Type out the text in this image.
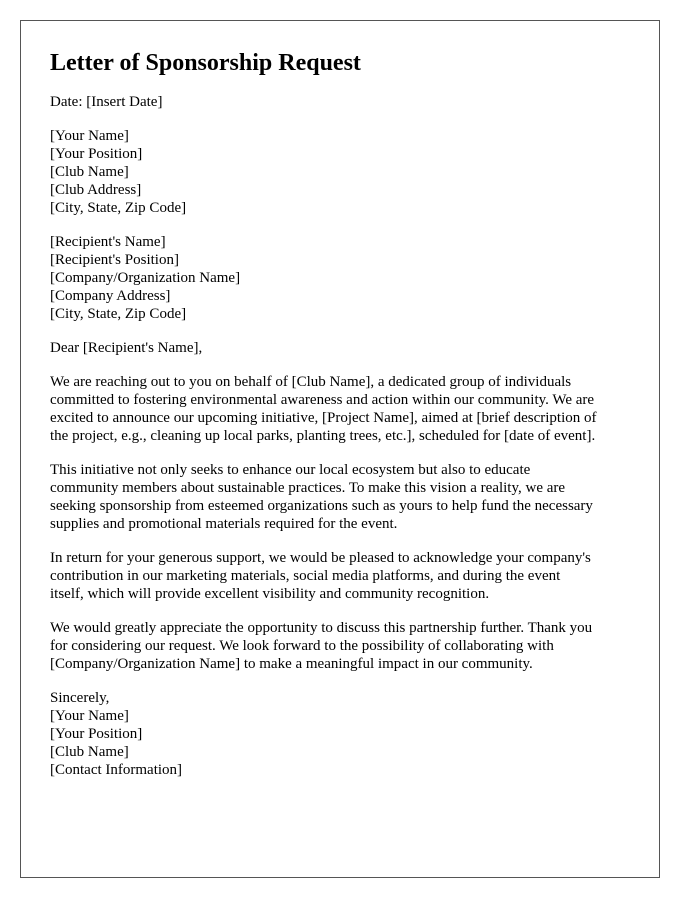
Letter of Sponsorship Request
Date: [Insert Date]
[Your Name]
[Your Position]
[Club Name]
[Club Address]
[City, State, Zip Code]
[Recipient's Name]
[Recipient's Position]
[Company/Organization Name]
[Company Address]
[City, State, Zip Code]
Dear [Recipient's Name],
We are reaching out to you on behalf of [Club Name], a dedicated group of individuals
committed to fostering environmental awareness and action within our community. We are
excited to announce our upcoming initiative, [Project Name], aimed at [brief description of
the project, e.g., cleaning up local parks, planting trees, etc.], scheduled for [date of event].
This initiative not only seeks to enhance our local ecosystem but also to educate
community members about sustainable practices. To make this vision a reality, we are
seeking sponsorship from esteemed organizations such as yours to help fund the necessary
supplies and promotional materials required for the event.
In return for your generous support, we would be pleased to acknowledge your company's
contribution in our marketing materials, social media platforms, and during the event
itself, which will provide excellent visibility and community recognition.
We would greatly appreciate the opportunity to discuss this partnership further. Thank you
for considering our request. We look forward to the possibility of collaborating with
[Company/Organization Name] to make a meaningful impact in our community.
Sincerely,
[Your Name]
[Your Position]
[Club Name]
[Contact Information]
